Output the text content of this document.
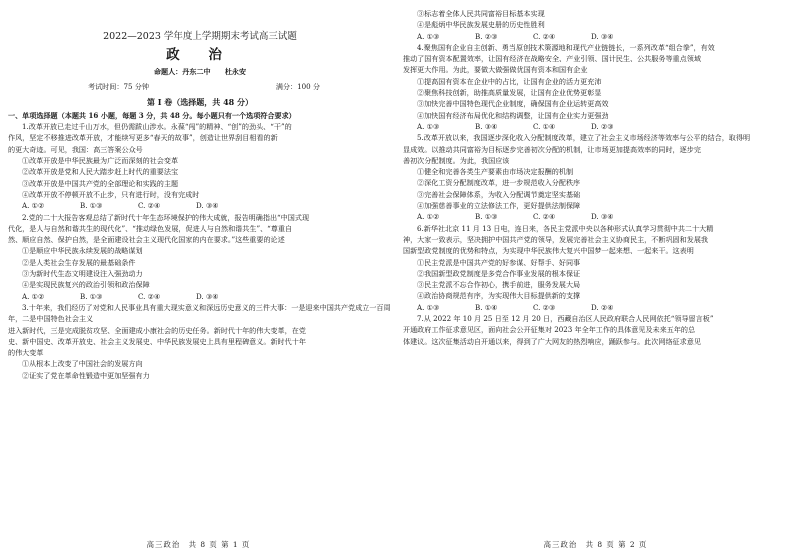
2022—2023 学年度上学期期末考试高三试题

政 治

命题人：丹东二中　　杜永安

考试时间：75 分钟	满分：100 分

第 Ⅰ 卷（选择题，共 48 分）

一、单项选择题（本题共 16 小题，每题 3 分，共 48 分。每小题只有一个选项符合要求）

1.改革开放已走过千山万水，但仍需跋山涉水。永葆“闯”的精神、“创”的劲头、“干”的

作风，坚定不移推进改革开放，才能续写更多“春天的故事”，创造让世界刮目相看的新

的更大奇迹。可见，我国：高三答案公众号

①改革开放是中华民族最为广泛而深刻的社会变革

②改革开放是党和人民大踏步赶上时代的重要法宝

③改革开放是中国共产党的全部理论和实践的主题

④改革开放不停顿开放不止步，只有进行时，没有完成时

A. ①②	B. ①③	C. ②④	D. ③④

2.党的二十大报告客观总结了新时代十年生态环境保护的伟大成就，报告明确指出“中国式现

代化，是人与自然和谐共生的现代化”、“推动绿色发展，促进人与自然和谐共生”、“尊重自

然、顺应自然、保护自然，是全面建设社会主义现代化国家的内在要求。”这些重要的论述

①是顺应中华民族永续发展的战略谋划

②是人类社会生存发展的最基础条件

③为新时代生态文明建设注入强劲动力

④是实现民族复兴的政治引领和政治保障

A. ①②	B. ①③	C. ②④	D. ③④

3.十年来，我们经历了对党和人民事业具有重大现实意义和深远历史意义的三件大事：一是迎来中国共产党成立一百周年，二是中国特色社会主义

进入新时代，三是完成脱贫攻坚、全面建成小康社会的历史任务。新时代十年的伟大变革，在党

史、新中国史、改革开放史、社会主义发展史、中华民族发展史上具有里程碑意义。新时代十年

的伟大变革

①从根本上改变了中国社会的发展方向

②证实了党在革命性锻造中更加坚强有力

高三政治　共 8 页 第 1 页

③标志着全体人民共同富裕目标基本实现

④是彪炳中华民族发展史册的历史性胜利

A. ①③	B. ②③	C. ②④	D. ③④

4.聚焦国有企业自主创新、勇当原创技术策源地和现代产业链链长，一系列改革“组合拳”，有效

推动了国有资本配置效率，让国有经济在战略安全、产业引领、国计民生、公共服务等重点领域

发挥更大作用。为此，要做大做强做优国有资本和国有企业

①提高国有资本在企业中的占比，让国有企业的活力更充沛

②聚焦科技创新，助推高质量发展，让国有企业优势更彰显

③加快完善中国特色现代企业制度，确保国有企业运转更高效

④加快国有经济布局优化和结构调整，让国有企业实力更强劲

A. ①③	B. ③④	C. ①④	D. ②③

5.改革开放以来，我国逐步深化收入分配制度改革，建立了社会主义市场经济等效率与公平的结合，取得明

显成效。以推动共同富裕为目标逐步完善初次分配的机制，让市场更加提高效率的同时，逐步完

善初次分配制度。为此，我国应该

①健全和完善各类生产要素由市场决定报酬的机制

②深化工资分配制度改革，进一步规范收入分配秩序

③完善社会保障体系，为收入分配调节奠定坚实基础

④加强慈善事业的立法修法工作，更好提供法制保障

A. ①②	B. ①③	C. ②④	D. ③④

6.新华社北京 11 月 13 日电，连日来，各民主党派中央以各种形式认真学习贯彻中共二十大精

神，大家一致表示，坚决拥护中国共产党的领导，发展完善社会主义协商民主，不断巩固和发展我

国新型政党制度的优势和特点，为实现中华民族伟大复兴中国梦一起来想、一起来干。这表明

①民主党派是中国共产党的好参谋、好帮手、好同事

②我国新型政党制度是多党合作事业发展的根本保证

③民主党派不忘合作初心，携手前进，服务发展大局

④政治协商规范有序，为实现伟大目标提供新的支撑

A. ①③	B. ①④	C. ②③	D. ②④

7.从 2022 年 10 月 25 日至 12 月 20 日，西藏自治区人民政府联合人民网依托“领导留言板”

开通政府工作征求意见区，面向社会公开征集对 2023 年全年工作的具体意见及未来五年的总

体建议。这次征集活动自开通以来，得到了广大网友的热烈响应，踊跃参与。此次网络征求意见

高三政治　共 8 页 第 2 页
